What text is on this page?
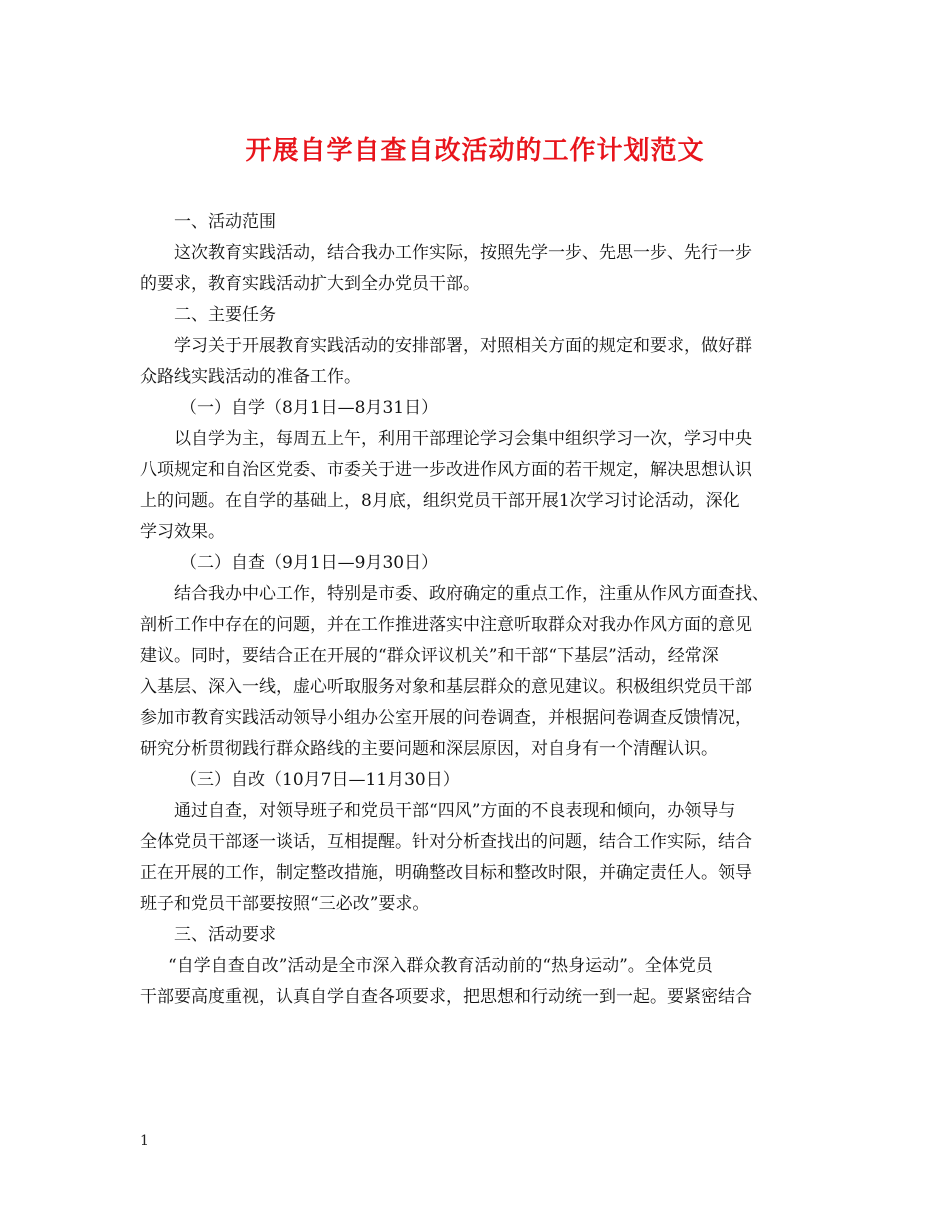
开展自学自查自改活动的工作计划范文
一、活动范围
这次教育实践活动，结合我办工作实际，按照先学一步、先思一步、先行一步
的要求，教育实践活动扩大到全办党员干部。
二、主要任务
学习关于开展教育实践活动的安排部署，对照相关方面的规定和要求，做好群
众路线实践活动的准备工作。
（一）自学（8月1日—8月31日）
以自学为主，每周五上午，利用干部理论学习会集中组织学习一次，学习中央
八项规定和自治区党委、市委关于进一步改进作风方面的若干规定，解决思想认识
上的问题。在自学的基础上，8月底，组织党员干部开展1次学习讨论活动，深化
学习效果。
（二）自查（9月1日—9月30日）
结合我办中心工作，特别是市委、政府确定的重点工作，注重从作风方面查找、
剖析工作中存在的问题，并在工作推进落实中注意听取群众对我办作风方面的意见
建议。同时，要结合正在开展的“群众评议机关”和干部“下基层”活动，经常深
入基层、深入一线，虚心听取服务对象和基层群众的意见建议。积极组织党员干部
参加市教育实践活动领导小组办公室开展的问卷调查，并根据问卷调查反馈情况，
研究分析贯彻践行群众路线的主要问题和深层原因，对自身有一个清醒认识。
（三）自改（10月7日—11月30日）
通过自查，对领导班子和党员干部“四风”方面的不良表现和倾向，办领导与
全体党员干部逐一谈话，互相提醒。针对分析查找出的问题，结合工作实际，结合
正在开展的工作，制定整改措施，明确整改目标和整改时限，并确定责任人。领导
班子和党员干部要按照“三必改”要求。
三、活动要求
“自学自查自改”活动是全市深入群众教育活动前的“热身运动”。全体党员
干部要高度重视，认真自学自查各项要求，把思想和行动统一到一起。要紧密结合
1
